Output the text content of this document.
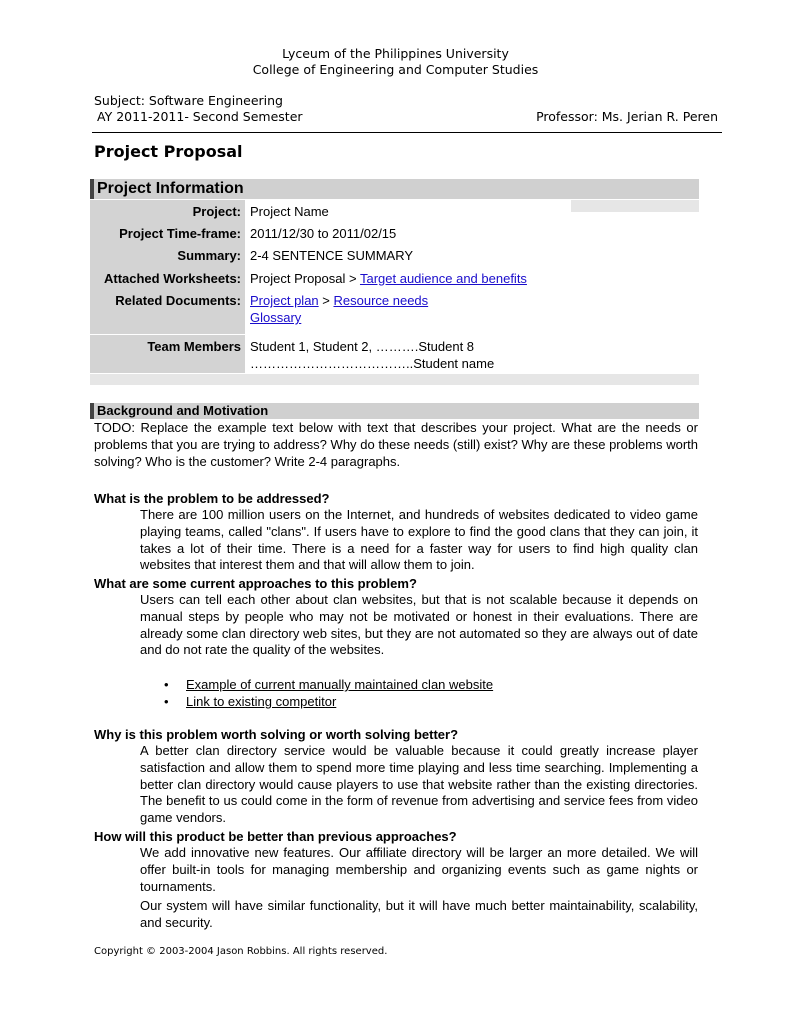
Lyceum of the Philippines University
College of Engineering and Computer Studies
Subject: Software Engineering
AY 2011-2011- Second Semester	Professor: Ms. Jerian R. Peren
Project Proposal
Project Information
Project: Project Name
Project Time-frame: 2011/12/30 to 2011/02/15
Summary: 2-4 SENTENCE SUMMARY
Attached Worksheets: Project Proposal > Target audience and benefits
Related Documents: Project plan > Resource needs
Glossary
Team Members Student 1, Student 2, ……….Student 8
………………………………..Student name
Background and Motivation
TODO: Replace the example text below with text that describes your project. What are the needs or problems that you are trying to address? Why do these needs (still) exist? Why are these problems worth solving? Who is the customer? Write 2-4 paragraphs.
What is the problem to be addressed?
There are 100 million users on the Internet, and hundreds of websites dedicated to video game playing teams, called "clans". If users have to explore to find the good clans that they can join, it takes a lot of their time. There is a need for a faster way for users to find high quality clan websites that interest them and that will allow them to join.
What are some current approaches to this problem?
Users can tell each other about clan websites, but that is not scalable because it depends on manual steps by people who may not be motivated or honest in their evaluations. There are already some clan directory web sites, but they are not automated so they are always out of date and do not rate the quality of the websites.
• Example of current manually maintained clan website
• Link to existing competitor
Why is this problem worth solving or worth solving better?
A better clan directory service would be valuable because it could greatly increase player satisfaction and allow them to spend more time playing and less time searching. Implementing a better clan directory would cause players to use that website rather than the existing directories. The benefit to us could come in the form of revenue from advertising and service fees from video game vendors.
How will this product be better than previous approaches?
We add innovative new features. Our affiliate directory will be larger an more detailed. We will offer built-in tools for managing membership and organizing events such as game nights or tournaments.
Our system will have similar functionality, but it will have much better maintainability, scalability, and security.
Copyright © 2003-2004 Jason Robbins. All rights reserved.
